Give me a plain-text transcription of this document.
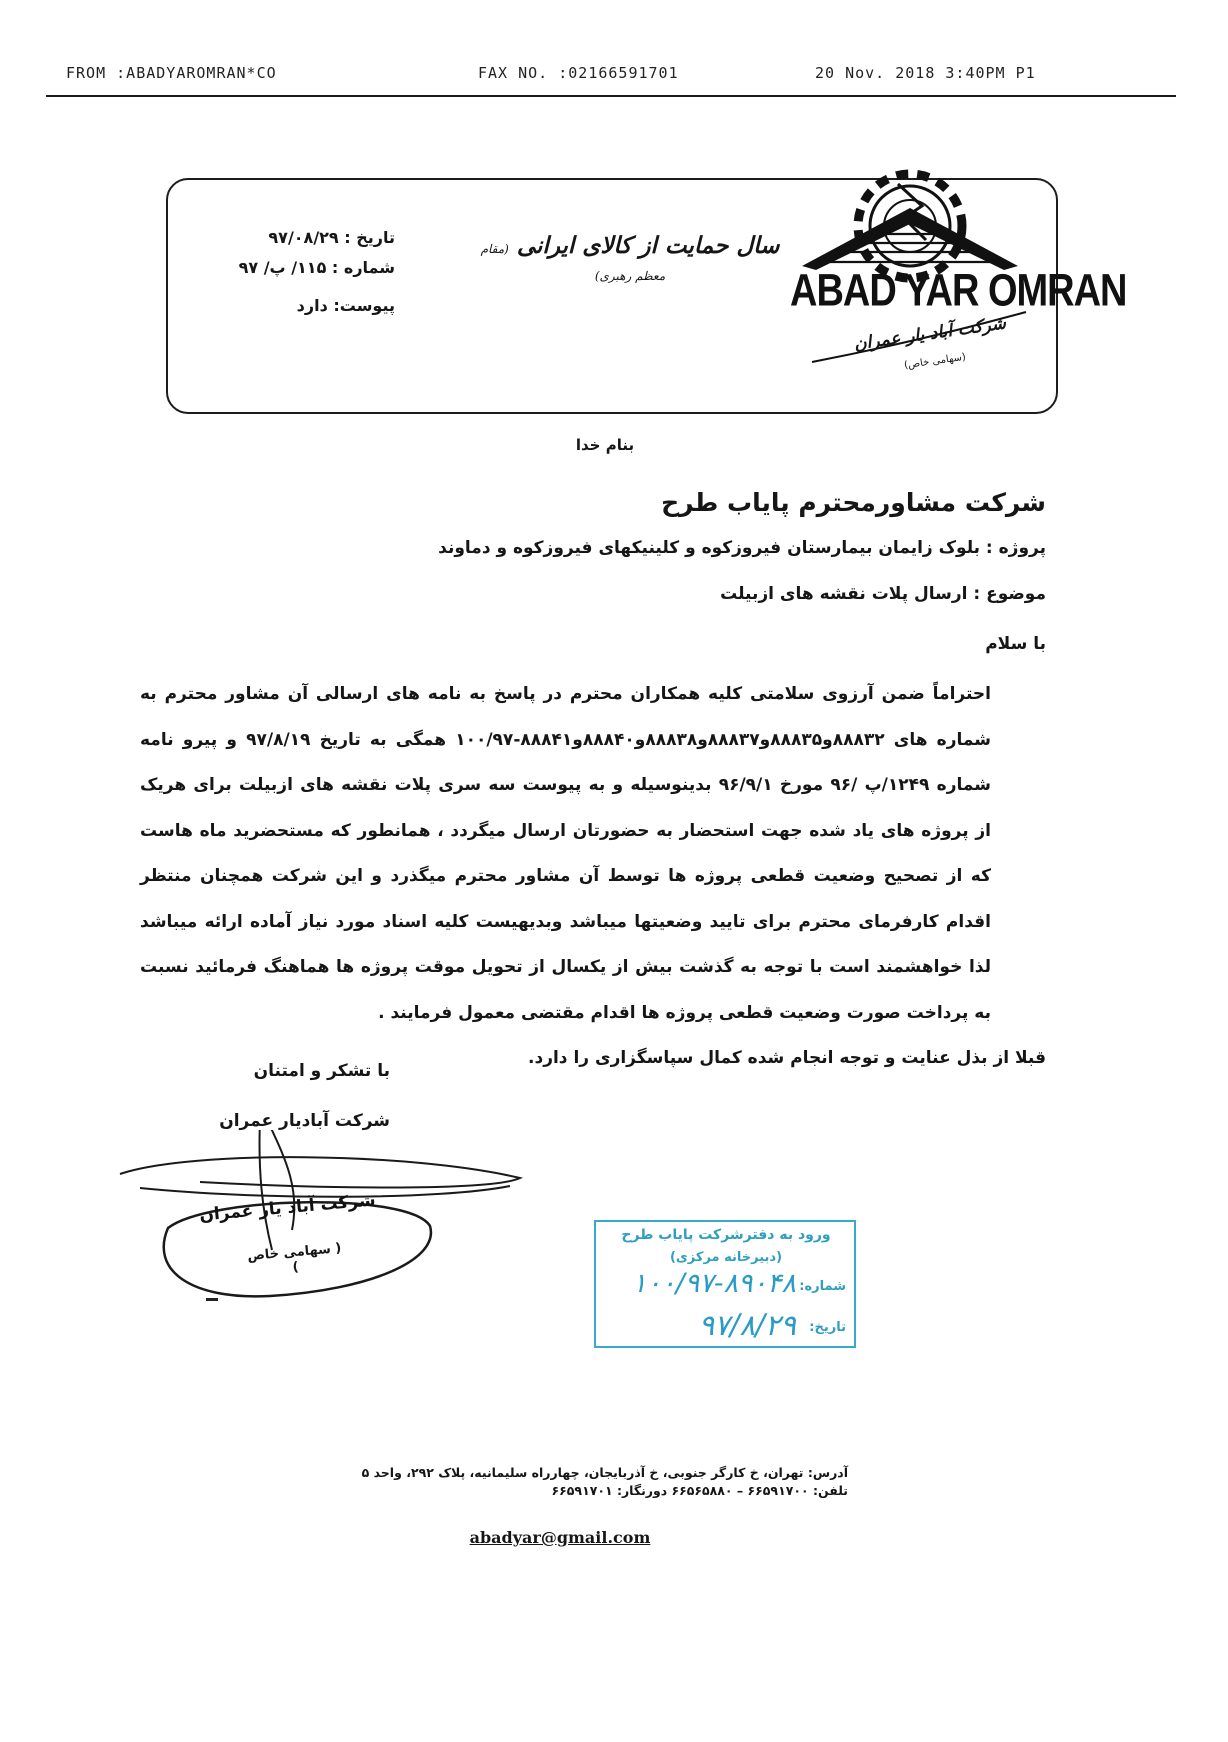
FROM :ABADYAROMRAN*CO	FAX NO. :02166591701	20 Nov. 2018 3:40PM P1
تاریخ : ۹۷/۰۸/۲۹
شماره : ۱۱۵/ پ/ ۹۷
پیوست: دارد
سال حمایت از کالای ایرانی (مقام معظم رهبری)	ABAD YAR OMRAN
شرکت آباد یار عمران
(سهامی خاص)
بنام خدا
شرکت مشاورمحترم پایاب طرح
پروژه : بلوک زایمان بیمارستان فیروزکوه و کلینیکهای فیروزکوه و دماوند
موضوع : ارسال پلات نقشه های ازبیلت
با سلام

احتراماً ضمن آرزوی سلامتی کلیه همکاران محترم در پاسخ به نامه های ارسالی آن مشاور محترم به شماره های ۸۸۸۳۲و۸۸۸۳۵و۸۸۸۳۷و۸۸۸۳۸و۸۸۸۴۰و۸۸۸۴۱-۱۰۰/۹۷ همگی به تاریخ ۹۷/۸/۱۹ و پیرو نامه شماره ۱۲۴۹/پ /۹۶ مورخ ۹۶/۹/۱ بدینوسیله و به پیوست سه سری پلات نقشه های ازبیلت برای هریک از پروژه های یاد شده جهت استحضار به حضورتان ارسال میگردد ، همانطور که مستحضرید ماه هاست که از تصحیح وضعیت قطعی پروژه ها توسط آن مشاور محترم میگذرد و این شرکت همچنان منتظر اقدام کارفرمای محترم برای تایید وضعیتها میباشد وبدیهیست کلیه اسناد مورد نیاز آماده ارائه میباشد لذا خواهشمند است با توجه به گذشت بیش از یکسال از تحویل موقت پروژه ها هماهنگ فرمائید نسبت به پرداخت صورت وضعیت قطعی پروژه ها اقدام مقتضی معمول فرمایند .

قبلا از بذل عنایت و توجه انجام شده کمال سپاسگزاری را دارد.

با تشکر و امتنان
شرکت آبادیار عمران
شرکت آباد یار عمران
( سهامی خاص )
ورود به دفترشرکت پایاب طرح
(دبیرخانه مرکزی)
شماره:
۱۰۰/۹۷-۸۹۰۴۸
تاریخ:
۹۷/۸/۲۹
آدرس: تهران، خ کارگر جنوبی، خ آذربایجان، چهارراه سلیمانیه، پلاک ۲۹۲، واحد ۵
تلفن: ۶۶۵۹۱۷۰۰ – ۶۶۵۶۵۸۸۰ دورنگار: ۶۶۵۹۱۷۰۱
abadyar@gmail.com
